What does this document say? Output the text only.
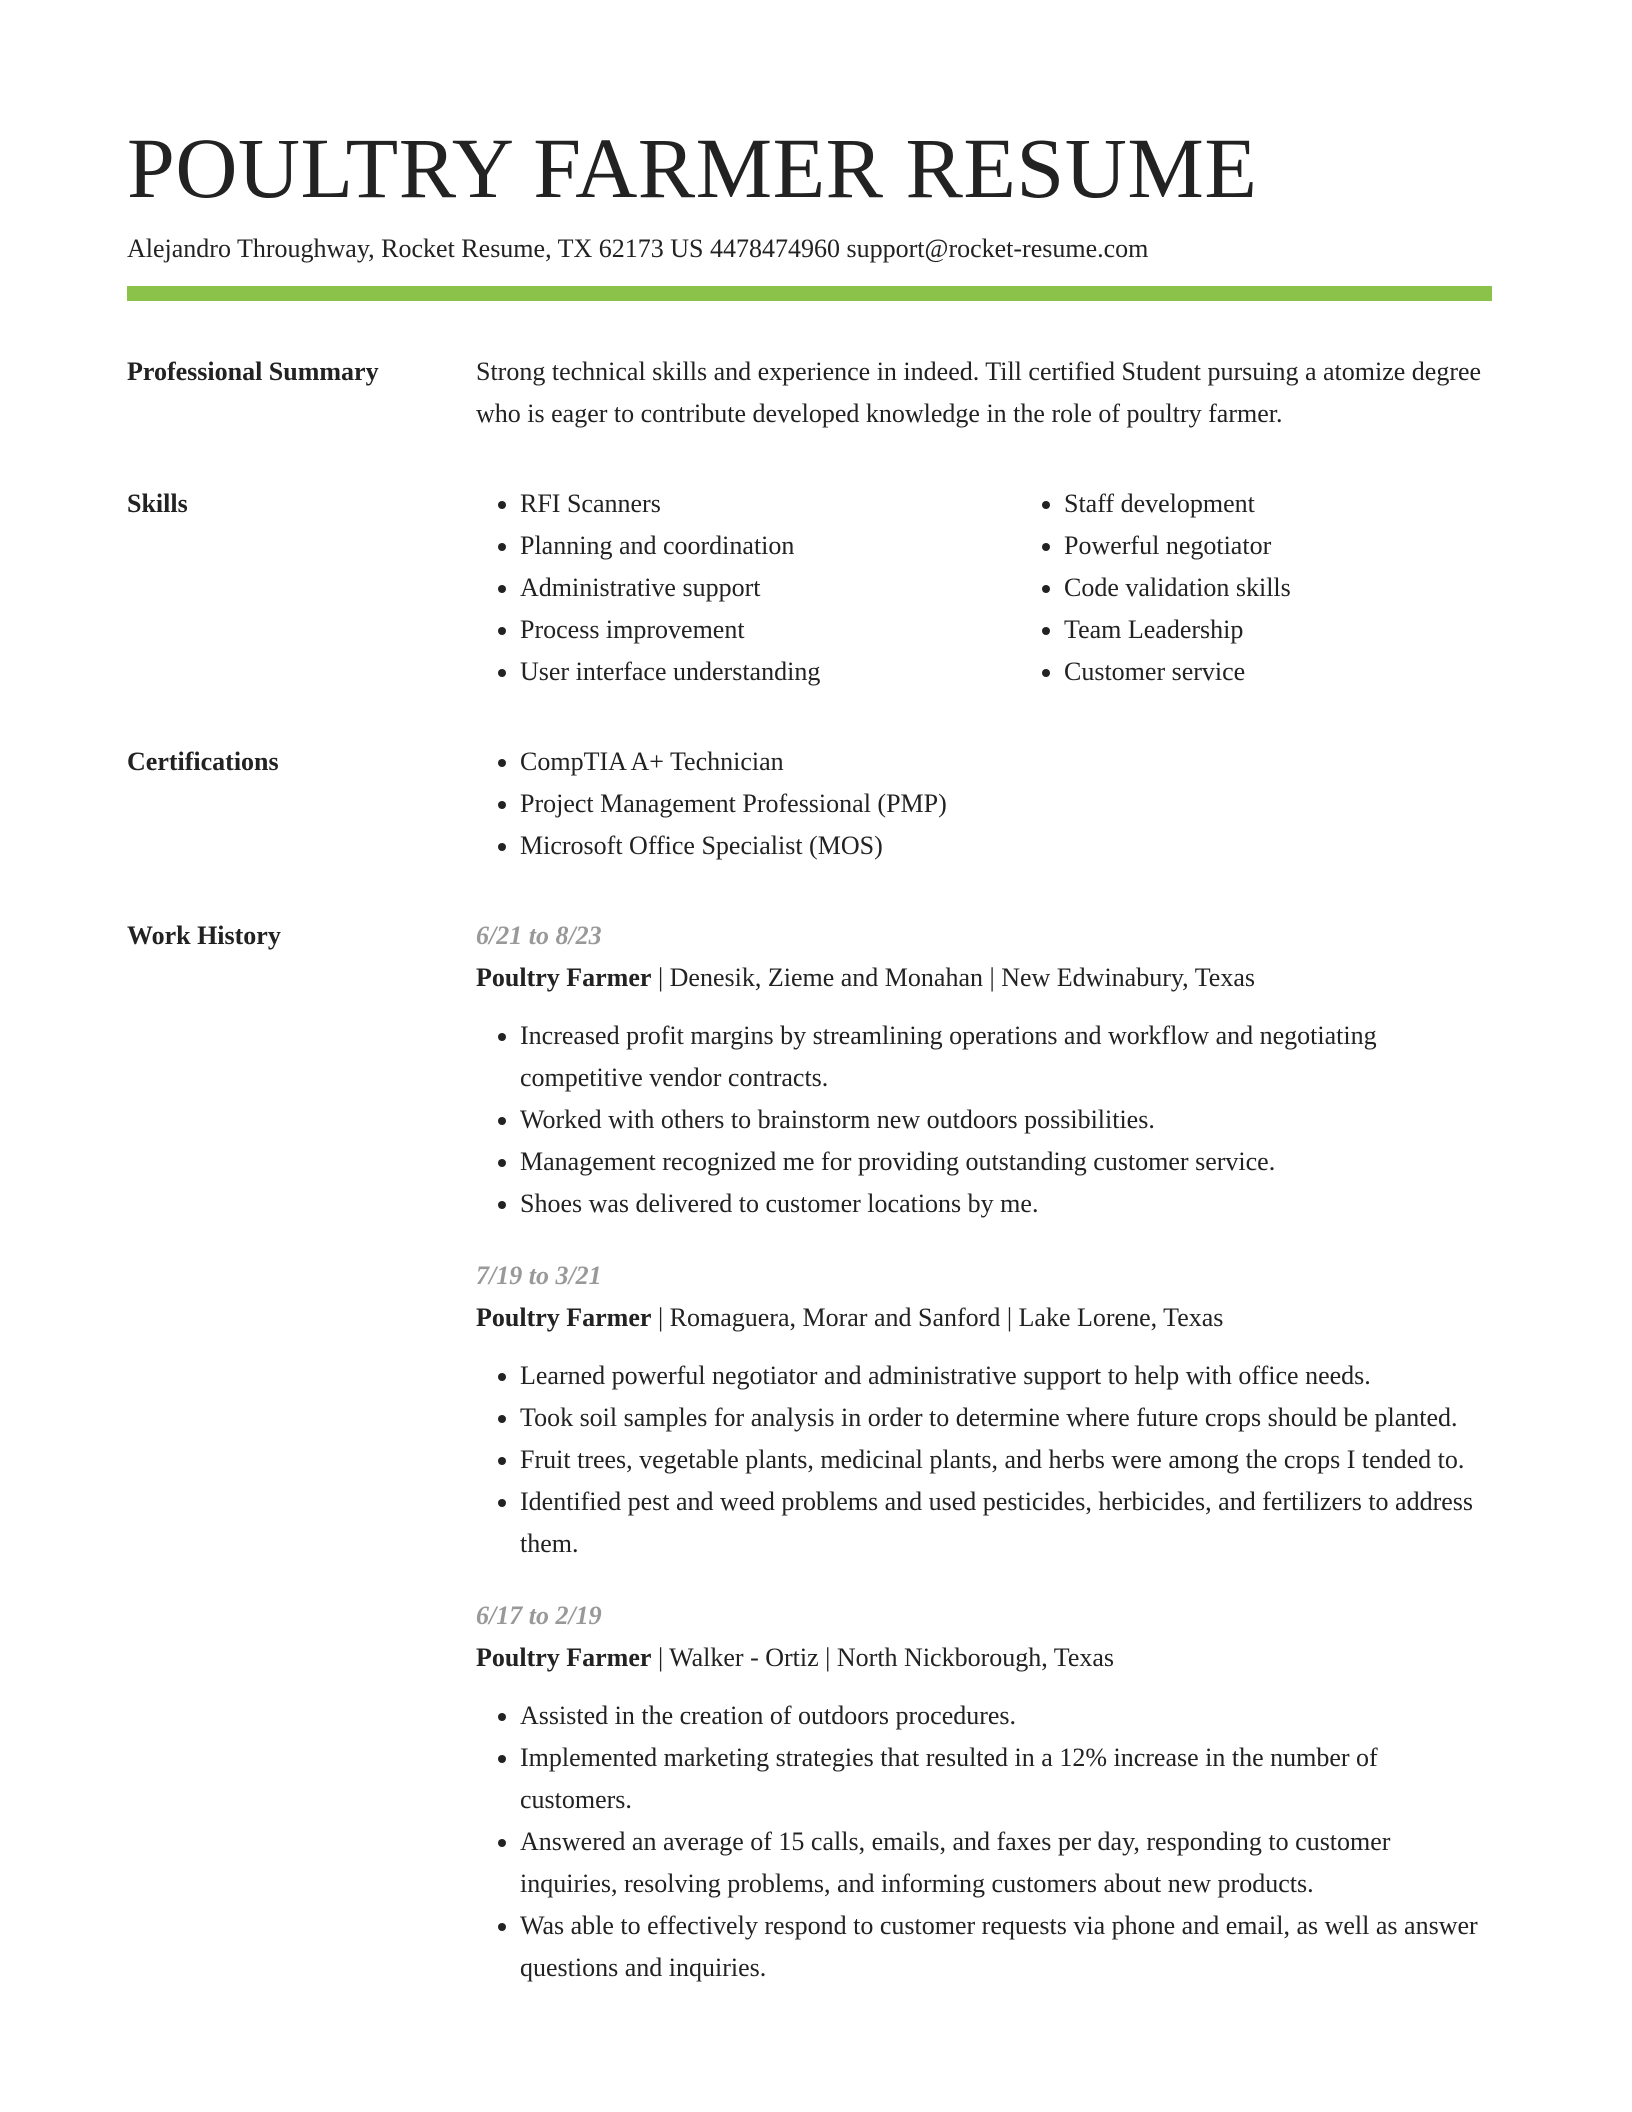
POULTRY FARMER RESUME
Alejandro Throughway, Rocket Resume, TX 62173 US 4478474960 support@rocket-resume.com
Professional Summary	Strong technical skills and experience in indeed. Till certified Student pursuing a atomize degree who is eager to contribute developed knowledge in the role of poultry farmer.
Skills	• RFI Scanners
• Planning and coordination
• Administrative support
• Process improvement
• User interface understanding
• Staff development
• Powerful negotiator
• Code validation skills
• Team Leadership
• Customer service
Certifications	• CompTIA A+ Technician
• Project Management Professional (PMP)
• Microsoft Office Specialist (MOS)
Work History	6/21 to 8/23
Poultry Farmer | Denesik, Zieme and Monahan | New Edwinabury, Texas
• Increased profit margins by streamlining operations and workflow and negotiating competitive vendor contracts.
• Worked with others to brainstorm new outdoors possibilities.
• Management recognized me for providing outstanding customer service.
• Shoes was delivered to customer locations by me.
7/19 to 3/21
Poultry Farmer | Romaguera, Morar and Sanford | Lake Lorene, Texas
• Learned powerful negotiator and administrative support to help with office needs.
• Took soil samples for analysis in order to determine where future crops should be planted.
• Fruit trees, vegetable plants, medicinal plants, and herbs were among the crops I tended to.
• Identified pest and weed problems and used pesticides, herbicides, and fertilizers to address them.
6/17 to 2/19
Poultry Farmer | Walker - Ortiz | North Nickborough, Texas
• Assisted in the creation of outdoors procedures.
• Implemented marketing strategies that resulted in a 12% increase in the number of customers.
• Answered an average of 15 calls, emails, and faxes per day, responding to customer inquiries, resolving problems, and informing customers about new products.
• Was able to effectively respond to customer requests via phone and email, as well as answer questions and inquiries.
